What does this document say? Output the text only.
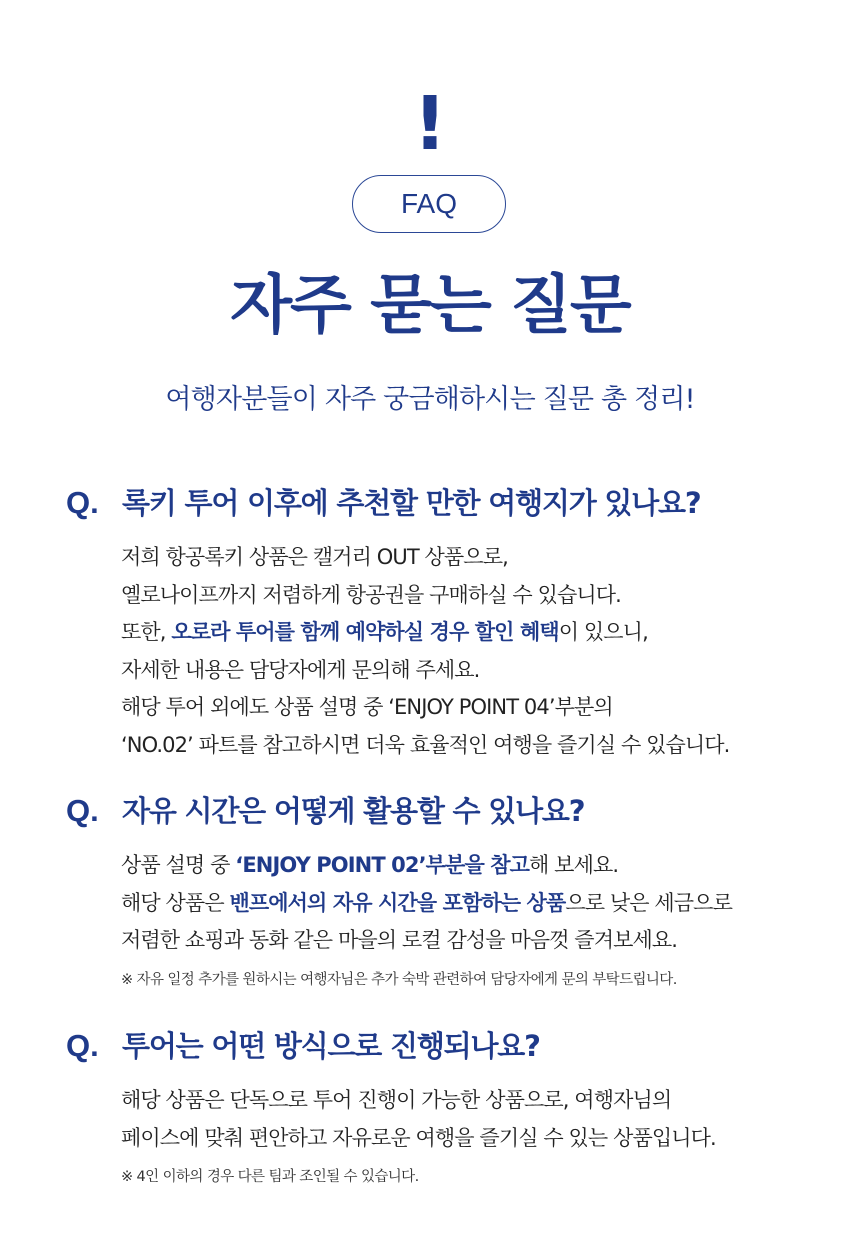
!
FAQ
자주 묻는 질문
여행자분들이 자주 궁금해하시는 질문 총 정리!
Q. 록키 투어 이후에 추천할 만한 여행지가 있나요?
저희 항공록키 상품은 캘거리 OUT 상품으로,
옐로나이프까지 저렴하게 항공권을 구매하실 수 있습니다.
또한, 오로라 투어를 함께 예약하실 경우 할인 혜택이 있으니,
자세한 내용은 담당자에게 문의해 주세요.
해당 투어 외에도 상품 설명 중 ‘ENJOY POINT 04’부분의
‘NO.02’ 파트를 참고하시면 더욱 효율적인 여행을 즐기실 수 있습니다.
Q. 자유 시간은 어떻게 활용할 수 있나요?
상품 설명 중 ‘ENJOY POINT 02’부분을 참고해 보세요.
해당 상품은 밴프에서의 자유 시간을 포함하는 상품으로 낮은 세금으로
저렴한 쇼핑과 동화 같은 마을의 로컬 감성을 마음껏 즐겨보세요.
※ 자유 일정 추가를 원하시는 여행자님은 추가 숙박 관련하여 담당자에게 문의 부탁드립니다.
Q. 투어는 어떤 방식으로 진행되나요?
해당 상품은 단독으로 투어 진행이 가능한 상품으로, 여행자님의
페이스에 맞춰 편안하고 자유로운 여행을 즐기실 수 있는 상품입니다.
※ 4인 이하의 경우 다른 팀과 조인될 수 있습니다.
